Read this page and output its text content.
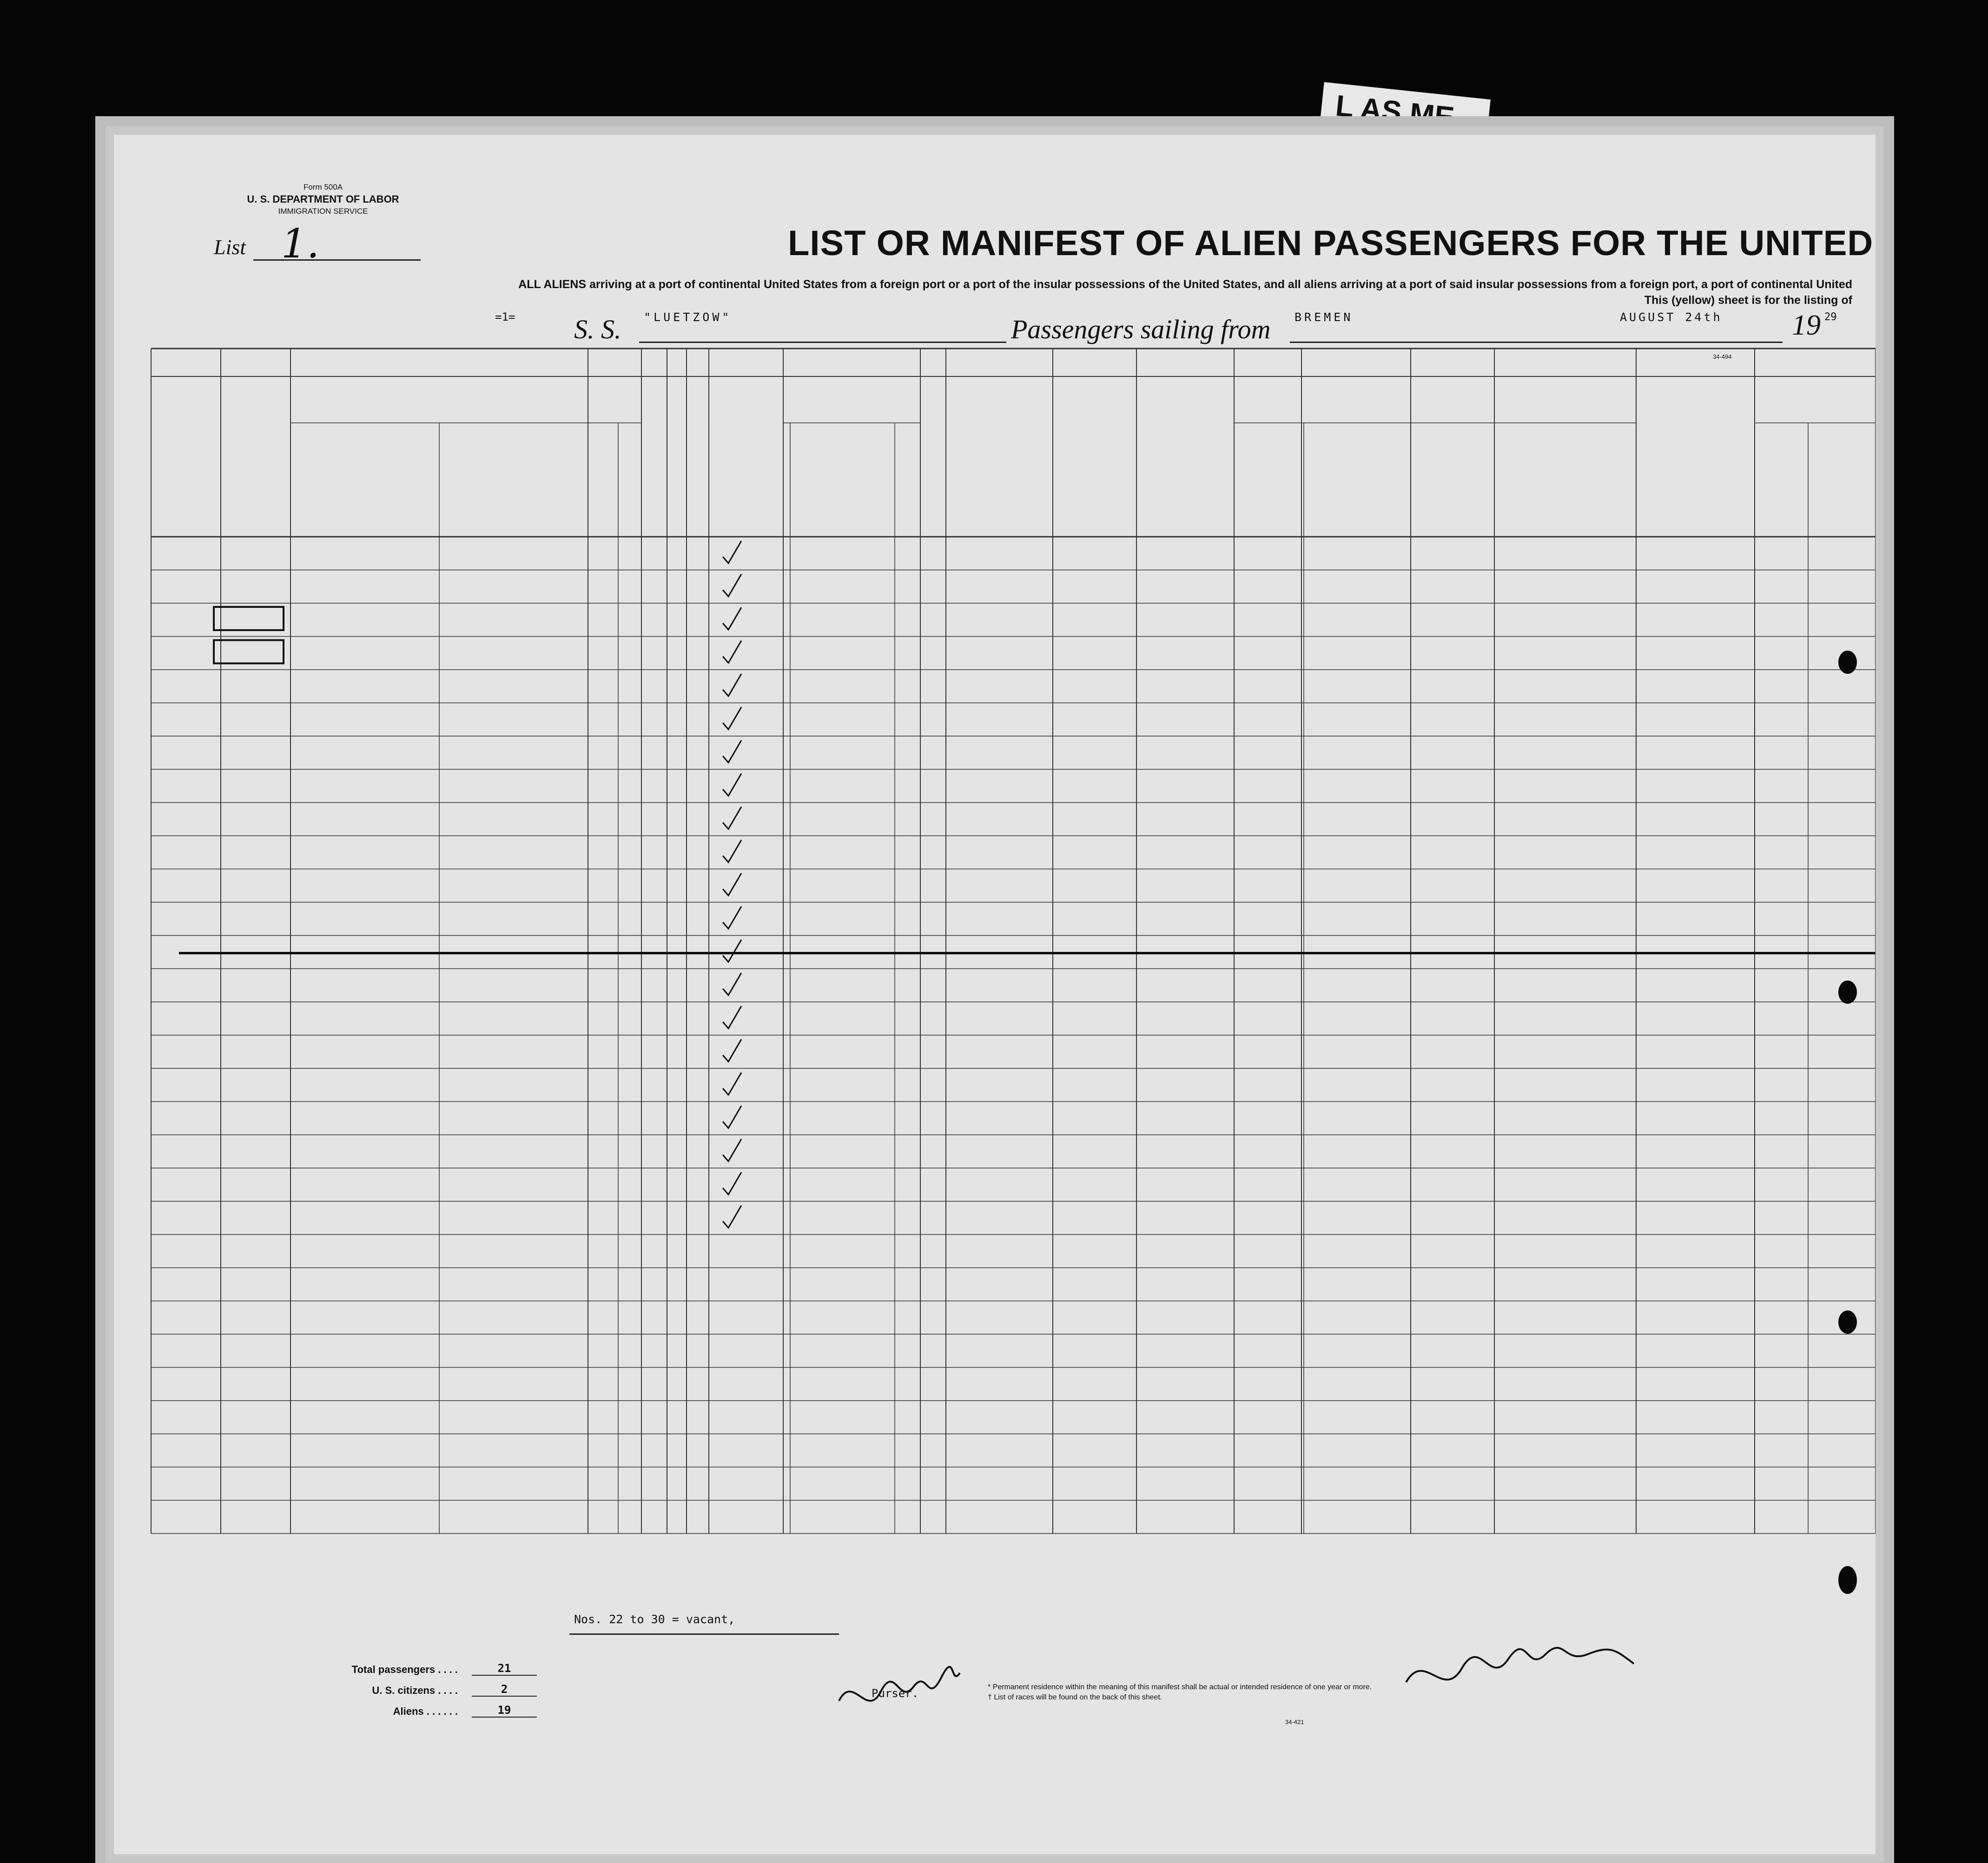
L AS ME
Form 500A
U. S. DEPARTMENT OF LABOR
IMMIGRATION SERVICE
List 1.	LIST OR MANIFEST OF ALIEN PASSENGERS FOR THE UNITED
ALL ALIENS arriving at a port of continental United States from a foreign port or a port of the insular possessions of the United States, and all aliens arriving at a port of said insular possessions from a foreign port, a port of continental United
This (yellow) sheet is for the listing of
=1= S. S. "LUETZOW"	Passengers sailing from BREMEN	AUGUST 24th 19 29
34-494
Nos. 22 to 30 = vacant,
Purser.
Total passengers . . . .	21
U. S. citizens . . . .	2
Aliens . . . . . .	19
* Permanent residence within the meaning of this manifest shall be actual or intended residence of one year or more.
† List of races will be found on the back of this sheet.
34-421
